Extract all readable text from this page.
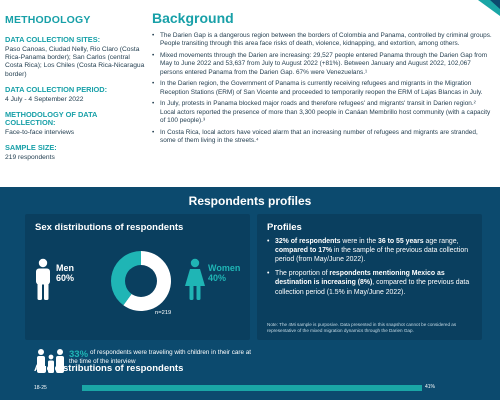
METHODOLOGY
DATA COLLECTION SITES:
Paso Canoas, Ciudad Nelly, Rio Claro (Costa Rica-Panama border); San Carlos (central Costa Rica); Los Chiles (Costa Rica-Nicaragua border)
DATA COLLECTION PERIOD:
4 July - 4 September 2022
METHODOLOGY OF DATA COLLECTION:
Face-to-face interviews
SAMPLE SIZE:
219 respondents
Background
• The Darien Gap is a dangerous region between the borders of Colombia and Panama, controlled by criminal groups. People transiting through this area face risks of death, violence, kidnapping, and extortion, among others.
• Mixed movements through the Darien are increasing: 29,527 people entered Panama through the Darien Gap from May to June 2022 and 53,637 from July to August 2022 (+81%). Between January and August 2022, 102,067 persons entered Panama from the Darien Gap. 67% were Venezuelans.¹
• In the Darien region, the Government of Panama is currently receiving refugees and migrants in the Migration Reception Stations (ERM) of San Vicente and proceeded to temporarily reopen the ERM of Lajas Blancas in July.
• In July, protests in Panama blocked major roads and therefore refugees' and migrants' transit in Darien region.² Local actors reported the presence of more than 3,300 people in Canáan Membrillo host community (with a capacity of 100 people).³
• In Costa Rica, local actors have voiced alarm that an increasing number of refugees and migrants are stranded, some of them living in the streets.⁴
Respondents profiles
Sex distributions of respondents
Men
60%
n=219
Women
40%
Profiles
• 32% of respondents were in the 36 to 55 years age range, compared to 17% in the sample of the previous data collection period (from May/June 2022).
• The proportion of respondents mentioning Mexico as destination is increasing (8%), compared to the previous data collection period (1.5% in May/June 2022).
Note: The 4Mi sample is purposive. Data presented in this snapshot cannot be considered as representative of the mixed migration dynamics through the Darien Gap.
33% of respondents were traveling with children in their care at the time of the interview
Age distributions of respondents
18-25	41%
